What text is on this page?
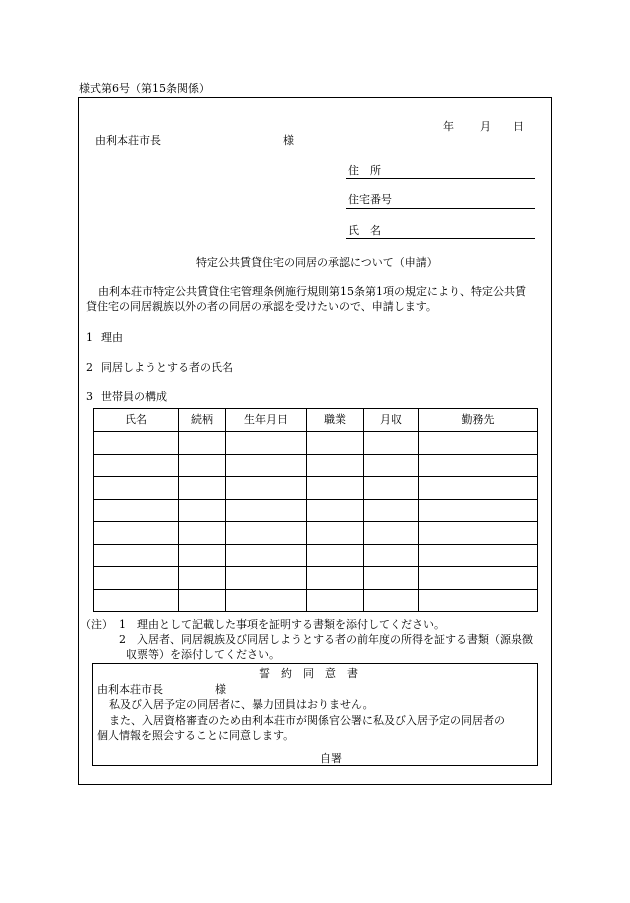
様式第6号（第15条関係）
年 月 日
由利本荘市長	様
住　所
住宅番号
氏　名
特定公共賃貸住宅の同居の承認について（申請）
由利本荘市特定公共賃貸住宅管理条例施行規則第15条第1項の規定により、特定公共賃
貸住宅の同居親族以外の者の同居の承認を受けたいので、申請します。
1 理由
2 同居しようとする者の氏名
3 世帯員の構成
氏名	続柄	生年月日	職業	月収	勤務先

（注） 1 理由として記載した事項を証明する書類を添付してください。
2 入居者、同居親族及び同居しようとする者の前年度の所得を証する書類（源泉徴
収票等）を添付してください。
誓　約　同　意　書
由利本荘市長	様
私及び入居予定の同居者に、暴力団員はおりません。
また、入居資格審査のため由利本荘市が関係官公署に私及び入居予定の同居者の
個人情報を照会することに同意します。
自署
